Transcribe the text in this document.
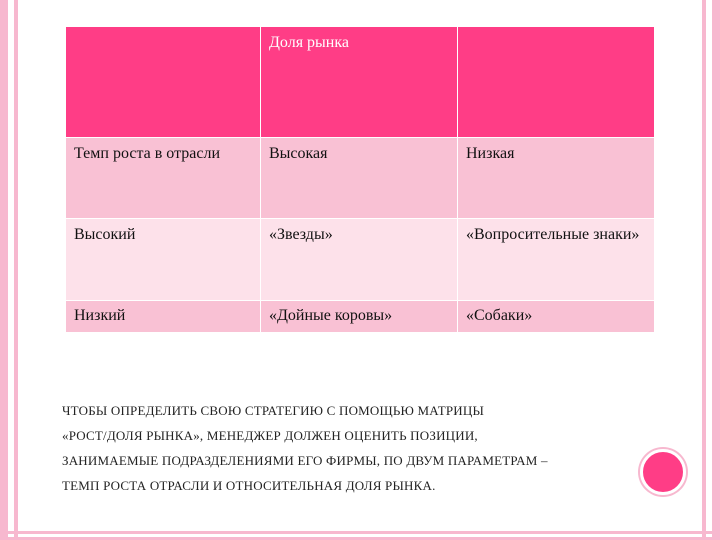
	Доля рынка	
Темп роста в отрасли	Высокая	Низкая
Высокий	«Звезды»	«Вопросительные знаки»
Низкий	«Дойные коровы»	«Собаки»
ЧТОБЫ ОПРЕДЕЛИТЬ СВОЮ СТРАТЕГИЮ С ПОМОЩЬЮ МАТРИЦЫ
«РОСТ/ДОЛЯ РЫНКА», МЕНЕДЖЕР ДОЛЖЕН ОЦЕНИТЬ ПОЗИЦИИ,
ЗАНИМАЕМЫЕ ПОДРАЗДЕЛЕНИЯМИ ЕГО ФИРМЫ, ПО ДВУМ ПАРАМЕТРАМ –
ТЕМП РОСТА ОТРАСЛИ И ОТНОСИТЕЛЬНАЯ ДОЛЯ РЫНКА.
